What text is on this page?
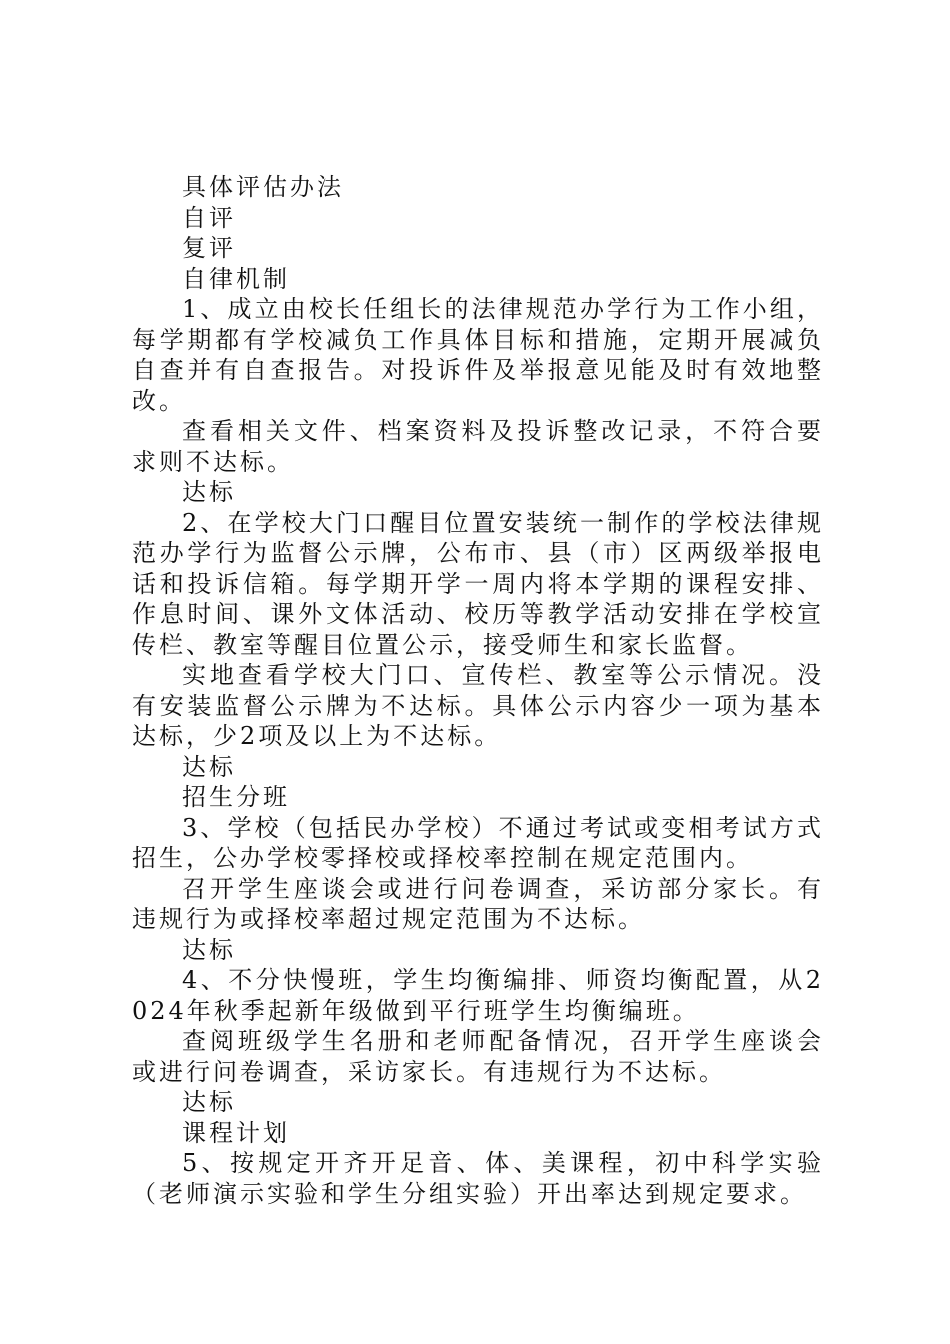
具体评估办法

自评

复评

自律机制

1、成立由校长任组长的法律规范办学行为工作小组，每学期都有学校减负工作具体目标和措施，定期开展减负自查并有自查报告。对投诉件及举报意见能及时有效地整改。

查看相关文件、档案资料及投诉整改记录，不符合要求则不达标。

达标

2、在学校大门口醒目位置安装统一制作的学校法律规范办学行为监督公示牌，公布市、县（市）区两级举报电话和投诉信箱。每学期开学一周内将本学期的课程安排、作息时间、课外文体活动、校历等教学活动安排在学校宣传栏、教室等醒目位置公示，接受师生和家长监督。

实地查看学校大门口、宣传栏、教室等公示情况。没有安装监督公示牌为不达标。具体公示内容少一项为基本达标，少2项及以上为不达标。

达标

招生分班

3、学校（包括民办学校）不通过考试或变相考试方式招生，公办学校零择校或择校率控制在规定范围内。

召开学生座谈会或进行问卷调查，采访部分家长。有违规行为或择校率超过规定范围为不达标。

达标

4、不分快慢班，学生均衡编排、师资均衡配置，从2024年秋季起新年级做到平行班学生均衡编班。

查阅班级学生名册和老师配备情况，召开学生座谈会或进行问卷调查，采访家长。有违规行为不达标。

达标

课程计划

5、按规定开齐开足音、体、美课程，初中科学实验（老师演示实验和学生分组实验）开出率达到规定要求。
